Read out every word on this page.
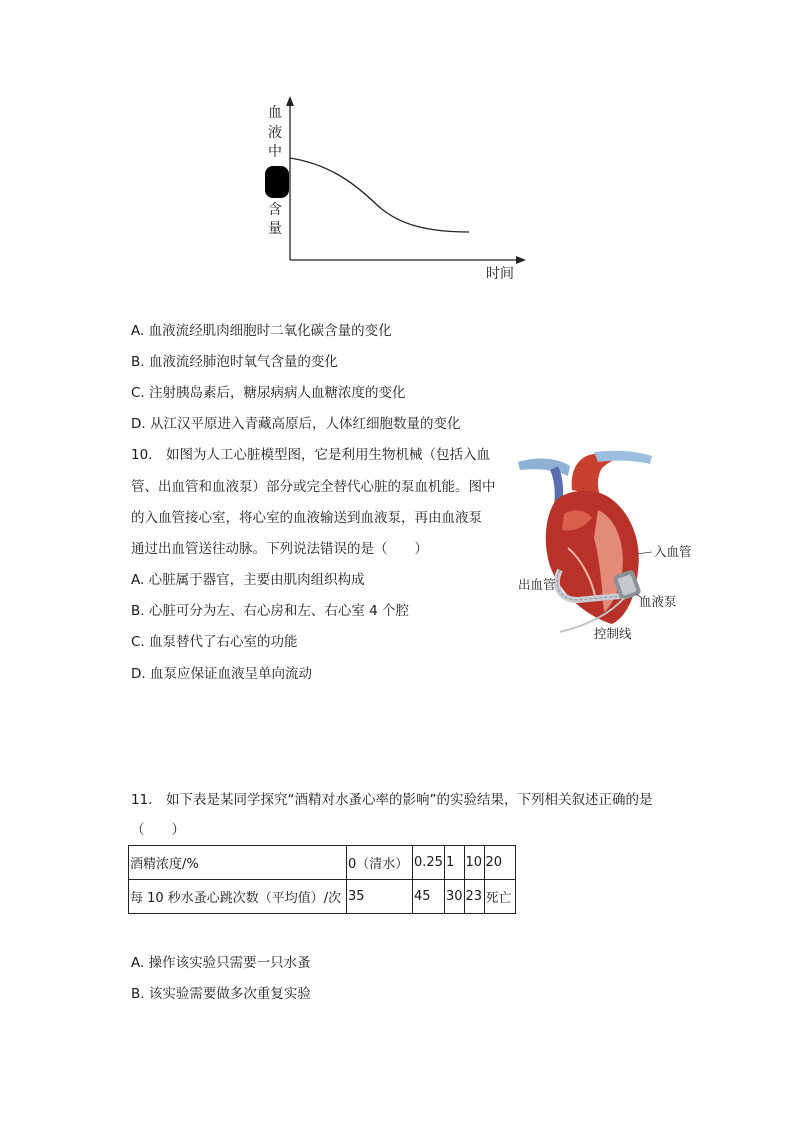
血
液
中
含
量
时间
A. 血液流经肌肉细胞时二氧化碳含量的变化
B. 血液流经肺泡时氧气含量的变化
C. 注射胰岛素后，糖尿病病人血糖浓度的变化
D. 从江汉平原进入青藏高原后，人体红细胞数量的变化
10.　如图为人工心脏模型图，它是利用生物机械（包括入血
管、出血管和血液泵）部分或完全替代心脏的泵血机能。图中
的入血管接心室，将心室的血液输送到血液泵，再由血液泵
通过出血管送往动脉。下列说法错误的是（　　）
A. 心脏属于器官，主要由肌肉组织构成
B. 心脏可分为左、右心房和左、右心室 4 个腔
C. 血泵替代了右心室的功能
D. 血泵应保证血液呈单向流动
入血管
出血管
血液泵
控制线
11.　如下表是某同学探究“酒精对水蚤心率的影响”的实验结果，下列相关叙述正确的是
（　　）
酒精浓度/%	0（清水）	0.25	1	10	20
每 10 秒水蚤心跳次数（平均值）/次	35	45	30	23	死亡
A. 操作该实验只需要一只水蚤
B. 该实验需要做多次重复实验
